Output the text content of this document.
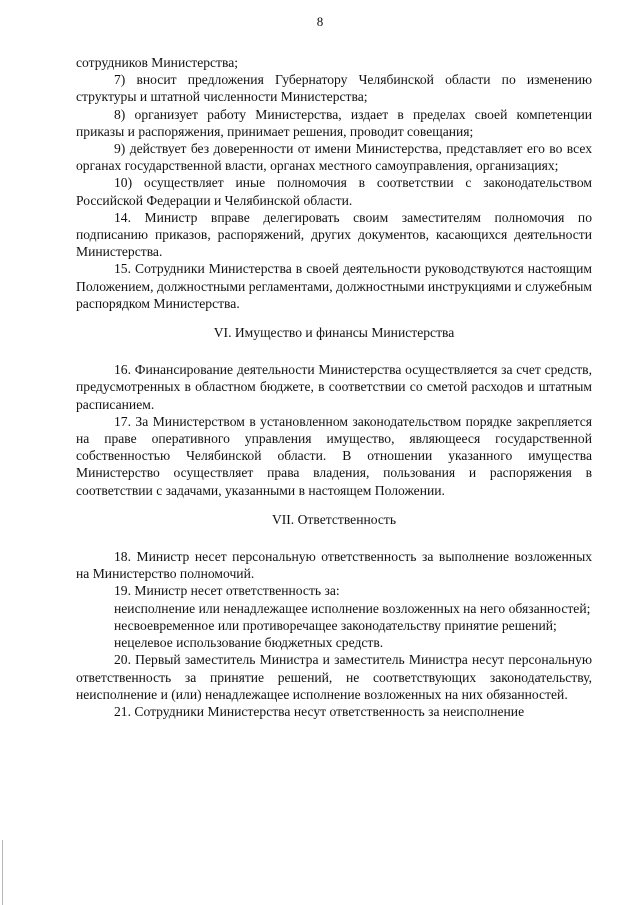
8

сотрудников Министерства;

7) вносит предложения Губернатору Челябинской области по изменению структуры и штатной численности Министерства;

8) организует работу Министерства, издает в пределах своей компетенции приказы и распоряжения, принимает решения, проводит совещания;

9) действует без доверенности от имени Министерства, представляет его во всех органах государственной власти, органах местного самоуправления, организациях;

10) осуществляет иные полномочия в соответствии с законодательством Российской Федерации и Челябинской области.

14. Министр вправе делегировать своим заместителям полномочия по подписанию приказов, распоряжений, других документов, касающихся деятельности Министерства.

15. Сотрудники Министерства в своей деятельности руководствуются настоящим Положением, должностными регламентами, должностными инструкциями и служебным распорядком Министерства.

VI. Имущество и финансы Министерства

16. Финансирование деятельности Министерства осуществляется за счет средств, предусмотренных в областном бюджете, в соответствии со сметой расходов и штатным расписанием.

17. За Министерством в установленном законодательством порядке закрепляется на праве оперативного управления имущество, являющееся государственной собственностью Челябинской области. В отношении указанного имущества Министерство осуществляет права владения, пользования и распоряжения в соответствии с задачами, указанными в настоящем Положении.

VII. Ответственность

18. Министр несет персональную ответственность за выполнение возложенных на Министерство полномочий.

19. Министр несет ответственность за:

неисполнение или ненадлежащее исполнение возложенных на него обязанностей;

несвоевременное или противоречащее законодательству принятие решений;

нецелевое использование бюджетных средств.

20. Первый заместитель Министра и заместитель Министра несут персональную ответственность за принятие решений, не соответствующих законодательству, неисполнение и (или) ненадлежащее исполнение возложенных на них обязанностей.

21. Сотрудники Министерства несут ответственность за неисполнение
